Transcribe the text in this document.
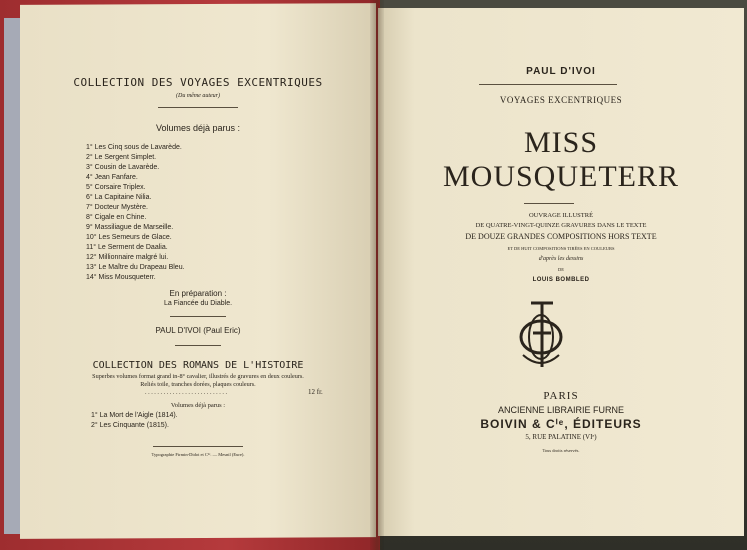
COLLECTION DES VOYAGES EXCENTRIQUES
(Du même auteur)
Volumes déjà parus :
1° Les Cinq sous de Lavarède.
2° Le Sergent Simplet.
3° Cousin de Lavarède.
4° Jean Fanfare.
5° Corsaire Triplex.
6° La Capitaine Nilia.
7° Docteur Mystère.
8° Cigale en Chine.
9° Massiliague de Marseille.
10° Les Semeurs de Glace.
11° Le Serment de Daalia.
12° Millionnaire malgré lui.
13° Le Maître du Drapeau Bleu.
14° Miss Mousqueterr.
En préparation :
La Fiancée du Diable.
PAUL D'IVOI (Paul Eric)
COLLECTION DES ROMANS DE L'HISTOIRE
Superbes volumes format grand in-8° cavalier, illustrés de gravures en deux couleurs.
Reliés toile, tranches dorées, plaques couleurs.
. . . . . . . . . . . . . . . . . . . . . . . . . . .	12 fr.
Volumes déjà parus :
1° La Mort de l'Aigle (1814).
2° Les Cinquante (1815).
Typographie Firmin-Didot et C¹ᵉ. — Mesnil (Eure).
PAUL D'IVOI
VOYAGES EXCENTRIQUES
MISS
MOUSQUETERR
OUVRAGE ILLUSTRÉ
DE QUATRE-VINGT-QUINZE GRAVURES DANS LE TEXTE
DE DOUZE GRANDES COMPOSITIONS HORS TEXTE
ET DE HUIT COMPOSITIONS TIRÉES EN COULEURS
d'après les dessins
DE
LOUIS BOMBLED
PARIS
ANCIENNE LIBRAIRIE FURNE
BOIVIN & Cⁱᵉ, ÉDITEURS
5, RUE PALATINE (VIᵉ)
Tous droits réservés.
